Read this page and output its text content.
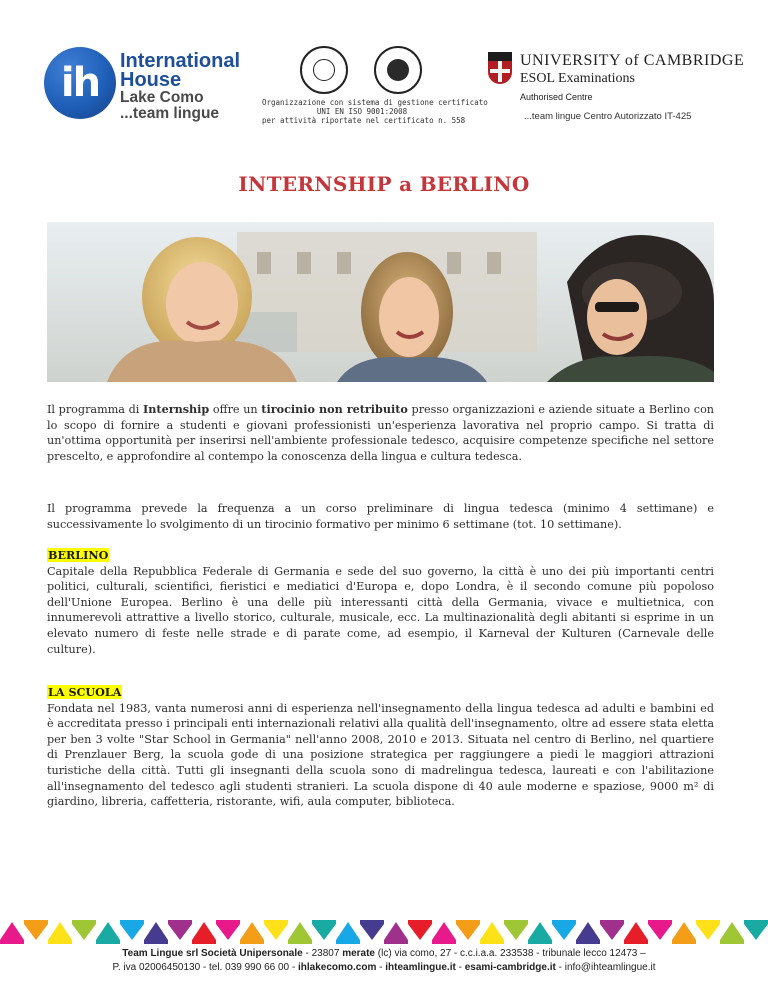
ih	International
House
Lake Como
...team lingue
Organizzazione con sistema di gestione certificato
UNI EN ISO 9001:2008
per attività riportate nel certificato n. 558
UNIVERSITY of CAMBRIDGE
ESOL Examinations
Authorised Centre
...team lingue Centro Autorizzato IT-425
INTERNSHIP a BERLINO
Il programma di Internship offre un tirocinio non retribuito presso organizzazioni e aziende situate a Berlino con lo scopo di fornire a studenti e giovani professionisti un'esperienza lavorativa nel proprio campo. Si tratta di un'ottima opportunità per inserirsi nell'ambiente professionale tedesco, acquisire competenze specifiche nel settore prescelto, e approfondire al contempo la conoscenza della lingua e cultura tedesca.
Il programma prevede la frequenza a un corso preliminare di lingua tedesca (minimo 4 settimane) e successivamente lo svolgimento di un tirocinio formativo per minimo 6 settimane (tot. 10 settimane).
BERLINO
Capitale della Repubblica Federale di Germania e sede del suo governo, la città è uno dei più importanti centri politici, culturali, scientifici, fieristici e mediatici d'Europa e, dopo Londra, è il secondo comune più popoloso dell'Unione Europea. Berlino è una delle più interessanti città della Germania, vivace e multietnica, con innumerevoli attrattive a livello storico, culturale, musicale, ecc. La multinazionalità degli abitanti si esprime in un elevato numero di feste nelle strade e di parate come, ad esempio, il Karneval der Kulturen (Carnevale delle culture).
LA SCUOLA
Fondata nel 1983, vanta numerosi anni di esperienza nell'insegnamento della lingua tedesca ad adulti e bambini ed è accreditata presso i principali enti internazionali relativi alla qualità dell'insegnamento, oltre ad essere stata eletta per ben 3 volte "Star School in Germania" nell'anno 2008, 2010 e 2013. Situata nel centro di Berlino, nel quartiere di Prenzlauer Berg, la scuola gode di una posizione strategica per raggiungere a piedi le maggiori attrazioni turistiche della città. Tutti gli insegnanti della scuola sono di madrelingua tedesca, laureati e con l'abilitazione all'insegnamento del tedesco agli studenti stranieri. La scuola dispone di 40 aule moderne e spaziose, 9000 m² di giardino, libreria, caffetteria, ristorante, wifi, aula computer, biblioteca.
Team Lingue srl Società Unipersonale - 23807 merate (lc) via como, 27 - c.c.i.a.a. 233538 - tribunale lecco 12473 –
P. iva 02006450130 - tel. 039 990 66 00 - ihlakecomo.com - ihteamlingue.it - esami-cambridge.it - info@ihteamlingue.it
